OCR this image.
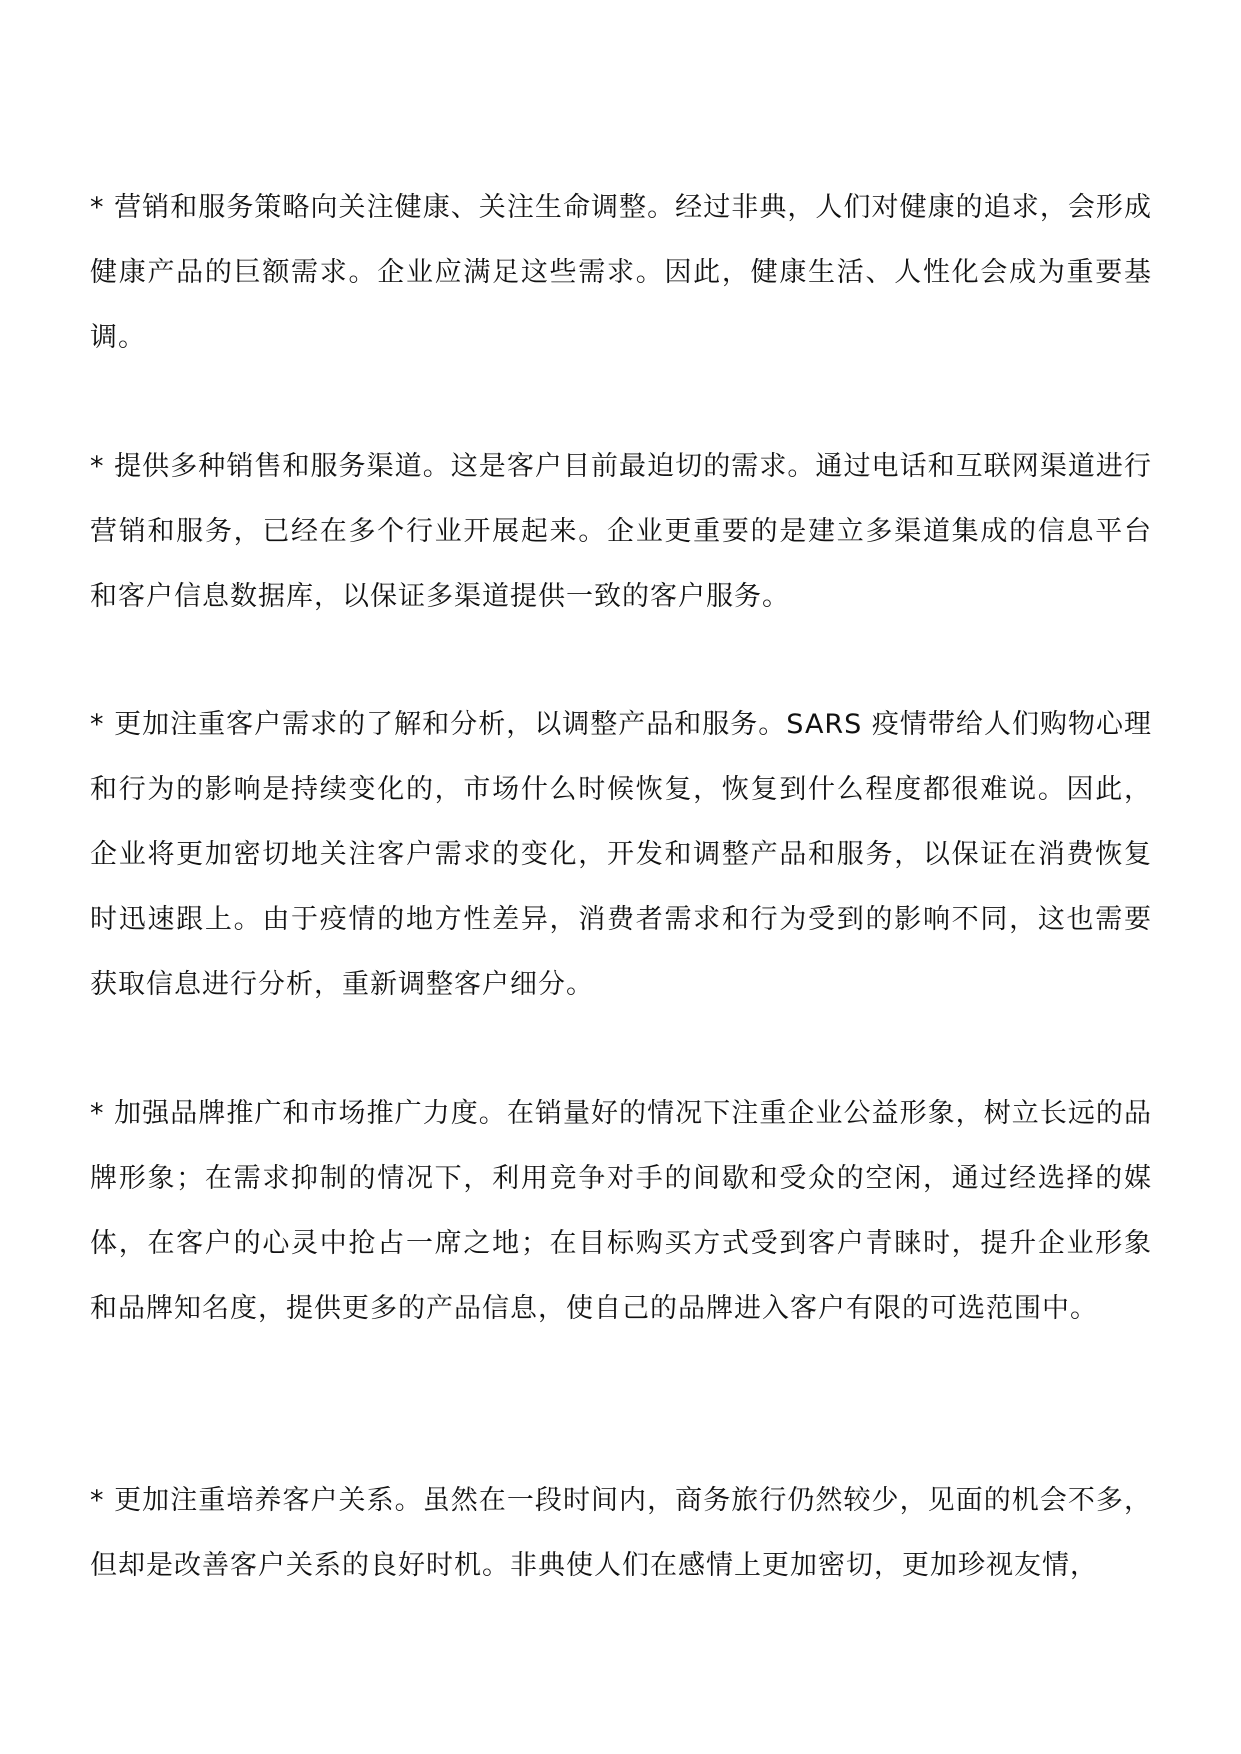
* 营销和服务策略向关注健康、关注生命调整。经过非典，人们对健康的追求，会形成健康产品的巨额需求。企业应满足这些需求。因此，健康生活、人性化会成为重要基调。

* 提供多种销售和服务渠道。这是客户目前最迫切的需求。通过电话和互联网渠道进行营销和服务，已经在多个行业开展起来。企业更重要的是建立多渠道集成的信息平台和客户信息数据库，以保证多渠道提供一致的客户服务。

* 更加注重客户需求的了解和分析，以调整产品和服务。SARS 疫情带给人们购物心理和行为的影响是持续变化的，市场什么时候恢复，恢复到什么程度都很难说。因此，企业将更加密切地关注客户需求的变化，开发和调整产品和服务，以保证在消费恢复时迅速跟上。由于疫情的地方性差异，消费者需求和行为受到的影响不同，这也需要获取信息进行分析，重新调整客户细分。

* 加强品牌推广和市场推广力度。在销量好的情况下注重企业公益形象，树立长远的品牌形象；在需求抑制的情况下，利用竞争对手的间歇和受众的空闲，通过经选择的媒体，在客户的心灵中抢占一席之地；在目标购买方式受到客户青睐时，提升企业形象和品牌知名度，提供更多的产品信息，使自己的品牌进入客户有限的可选范围中。

* 更加注重培养客户关系。虽然在一段时间内，商务旅行仍然较少，见面的机会不多，但却是改善客户关系的良好时机。非典使人们在感情上更加密切，更加珍视友情，
